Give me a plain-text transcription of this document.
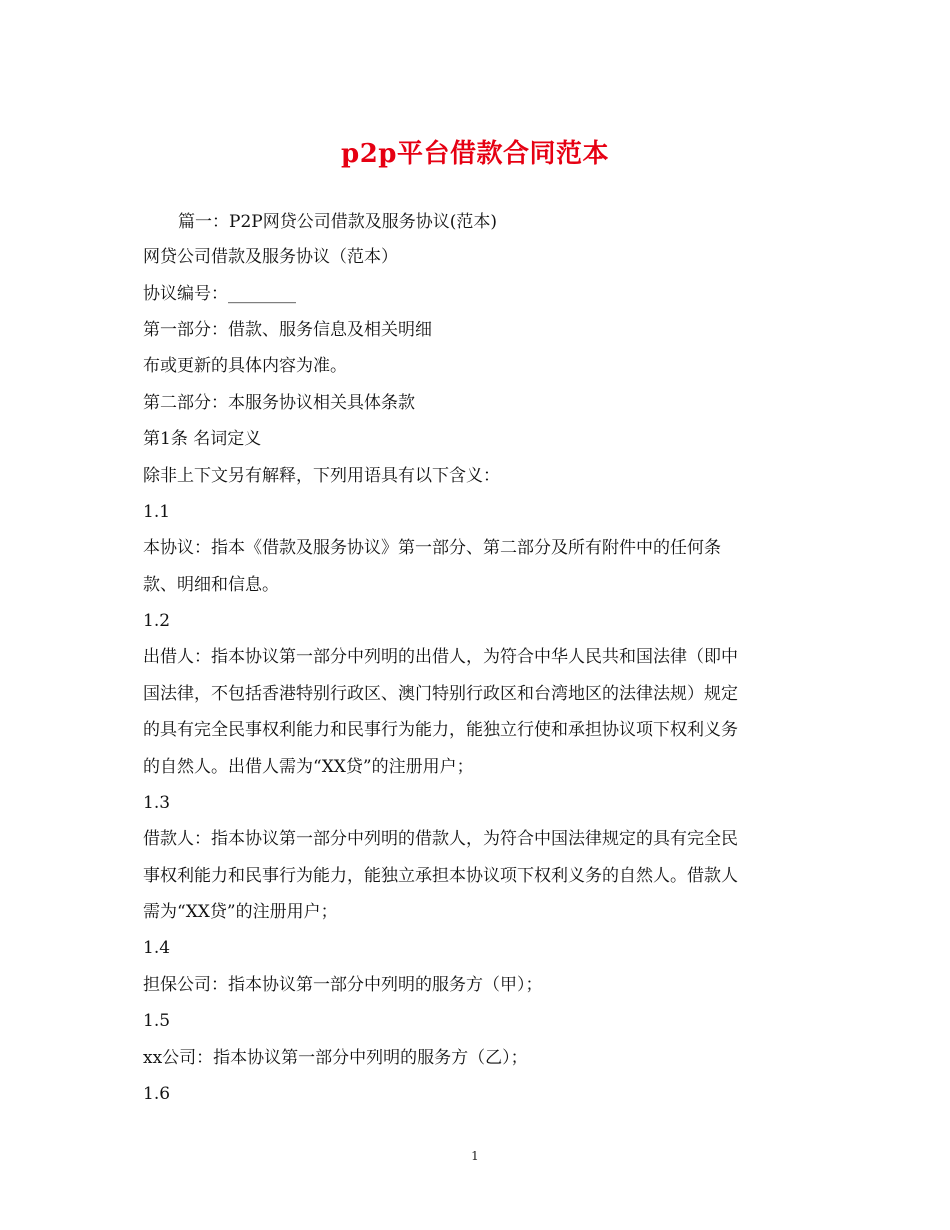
p2p平台借款合同范本
篇一：P2P网贷公司借款及服务协议(范本)
网贷公司借款及服务协议（范本）
协议编号：________
第一部分：借款、服务信息及相关明细
布或更新的具体内容为准。
第二部分：本服务协议相关具体条款
第1条 名词定义
除非上下文另有解释，下列用语具有以下含义：
1.1
本协议：指本《借款及服务协议》第一部分、第二部分及所有附件中的任何条
款、明细和信息。
1.2
出借人：指本协议第一部分中列明的出借人，为符合中华人民共和国法律（即中
国法律，不包括香港特别行政区、澳门特别行政区和台湾地区的法律法规）规定
的具有完全民事权利能力和民事行为能力，能独立行使和承担协议项下权利义务
的自然人。出借人需为“XX贷”的注册用户；
1.3
借款人：指本协议第一部分中列明的借款人，为符合中国法律规定的具有完全民
事权利能力和民事行为能力，能独立承担本协议项下权利义务的自然人。借款人
需为“XX贷”的注册用户；
1.4
担保公司：指本协议第一部分中列明的服务方（甲）；
1.5
xx公司：指本协议第一部分中列明的服务方（乙）；
1.6
1
